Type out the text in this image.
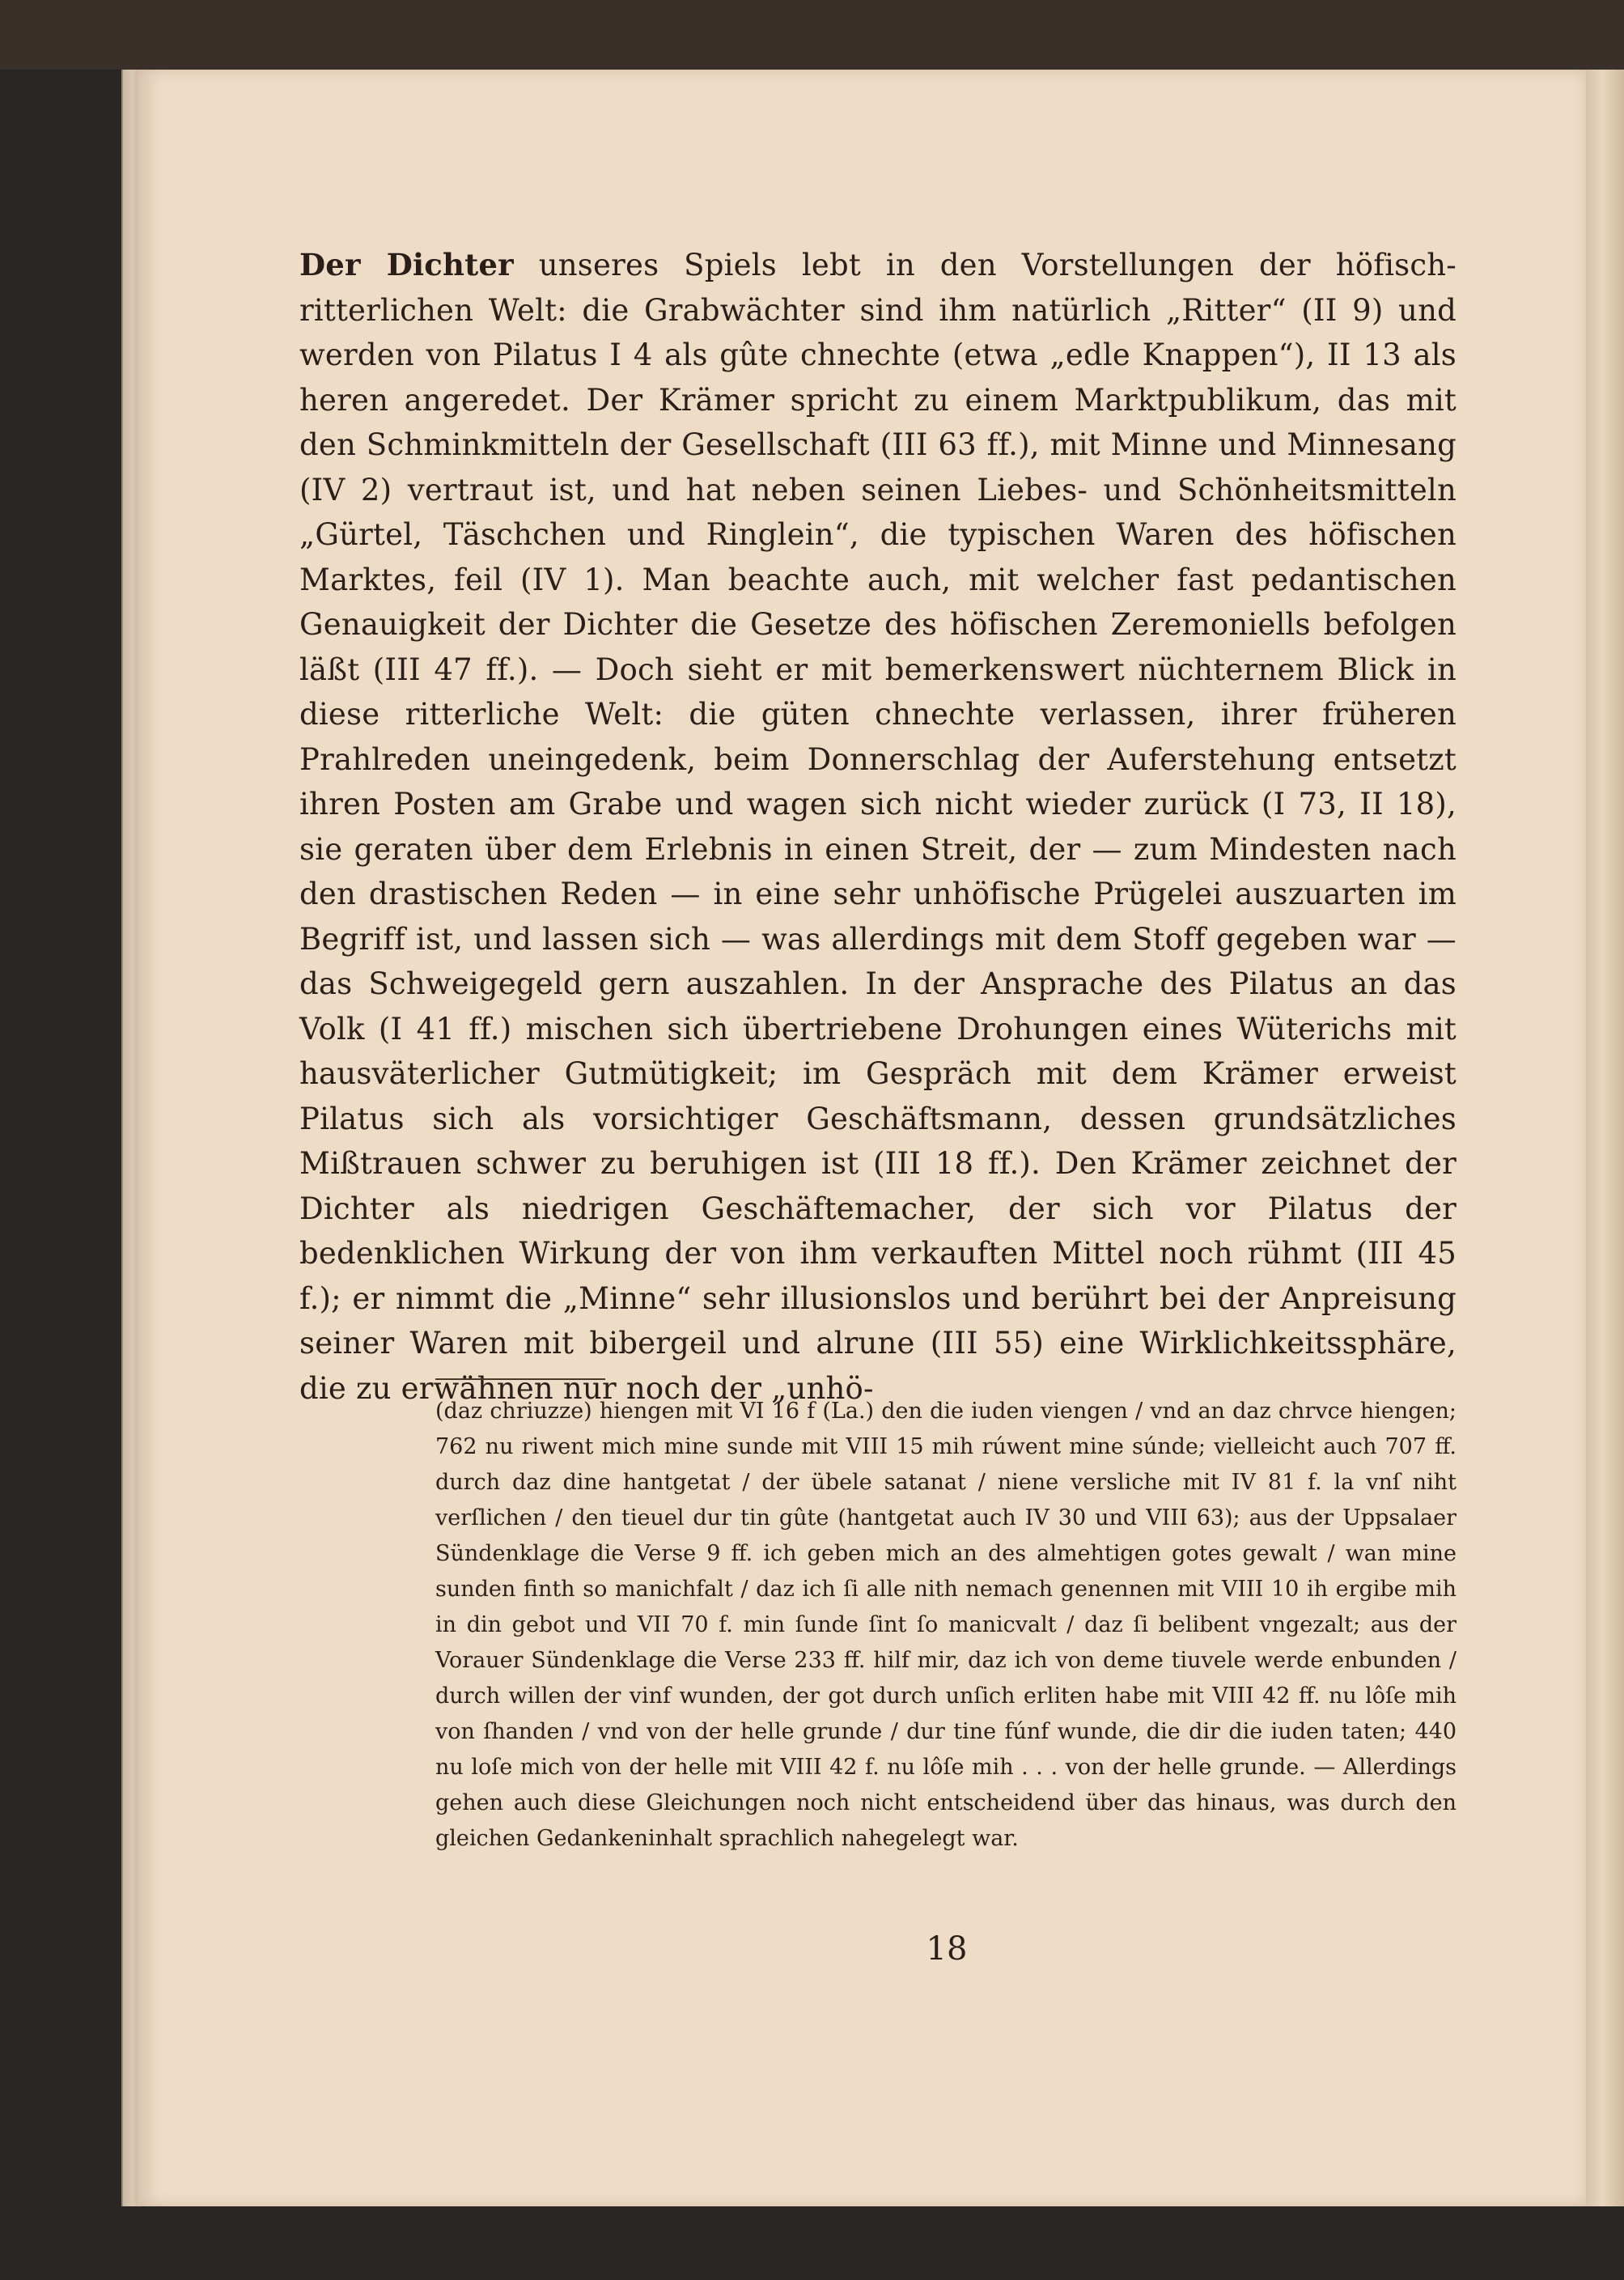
Der Dichter unseres Spiels lebt in den Vorstellungen der höfisch-ritterlichen Welt: die Grabwächter sind ihm natürlich „Ritter“ (II 9) und werden von Pilatus I 4 als gûte chnechte (etwa „edle Knappen“), II 13 als heren angeredet. Der Krämer spricht zu einem Marktpublikum, das mit den Schminkmitteln der Gesellschaft (III 63 ff.), mit Minne und Minnesang (IV 2) vertraut ist, und hat neben seinen Liebes- und Schönheitsmitteln „Gürtel, Täschchen und Ringlein“, die typischen Waren des höfischen Marktes, feil (IV 1). Man beachte auch, mit welcher fast pedantischen Genauigkeit der Dichter die Gesetze des höfischen Zeremoniells befolgen läßt (III 47 ff.). — Doch sieht er mit bemerkenswert nüchternem Blick in diese ritterliche Welt: die güten chnechte verlassen, ihrer früheren Prahlreden uneingedenk, beim Donnerschlag der Auferstehung entsetzt ihren Posten am Grabe und wagen sich nicht wieder zurück (I 73, II 18), sie geraten über dem Erlebnis in einen Streit, der — zum Mindesten nach den drastischen Reden — in eine sehr unhöfische Prügelei auszuarten im Begriff ist, und lassen sich — was allerdings mit dem Stoff gegeben war — das Schweigegeld gern auszahlen. In der Ansprache des Pilatus an das Volk (I 41 ff.) mischen sich übertriebene Drohungen eines Wüterichs mit hausväterlicher Gutmütigkeit; im Gespräch mit dem Krämer erweist Pilatus sich als vorsichtiger Geschäftsmann, dessen grundsätzliches Mißtrauen schwer zu beruhigen ist (III 18 ff.). Den Krämer zeichnet der Dichter als niedrigen Geschäftemacher, der sich vor Pilatus der bedenklichen Wirkung der von ihm verkauften Mittel noch rühmt (III 45 f.); er nimmt die „Minne“ sehr illusionslos und berührt bei der Anpreisung seiner Waren mit bibergeil und alrune (III 55) eine Wirklichkeitssphäre, die zu erwähnen nur noch der „unhö-

(daz chriuzze) hiengen mit VI 16 f (La.) den die iuden viengen / vnd an daz chrvce hiengen; 762 nu riwent mich mine sunde mit VIII 15 mih rúwent mine súnde; vielleicht auch 707 ff. durch daz dine hantgetat / der übele satanat / niene versliche mit IV 81 f. la vnſ niht verſlichen / den tieuel dur tin gûte (hantgetat auch IV 30 und VIII 63); aus der Uppsalaer Sündenklage die Verse 9 ff. ich geben mich an des almehtigen gotes gewalt / wan mine sunden finth so manichfalt / daz ich ſi alle nith nemach genennen mit VIII 10 ih ergibe mih in din gebot und VII 70 f. min ſunde ſint ſo manicvalt / daz ſi belibent vngezalt; aus der Vorauer Sündenklage die Verse 233 ff. hilf mir, daz ich von deme tiuvele werde enbunden / durch willen der vinf wunden, der got durch unſich erliten habe mit VIII 42 ff. nu lôſe mih von ſhanden / vnd von der helle grunde / dur tine fúnf wunde, die dir die iuden taten; 440 nu loſe mich von der helle mit VIII 42 f. nu lôſe mih . . . von der helle grunde. — Allerdings gehen auch diese Gleichungen noch nicht entscheidend über das hinaus, was durch den gleichen Gedankeninhalt sprachlich nahegelegt war.

18
